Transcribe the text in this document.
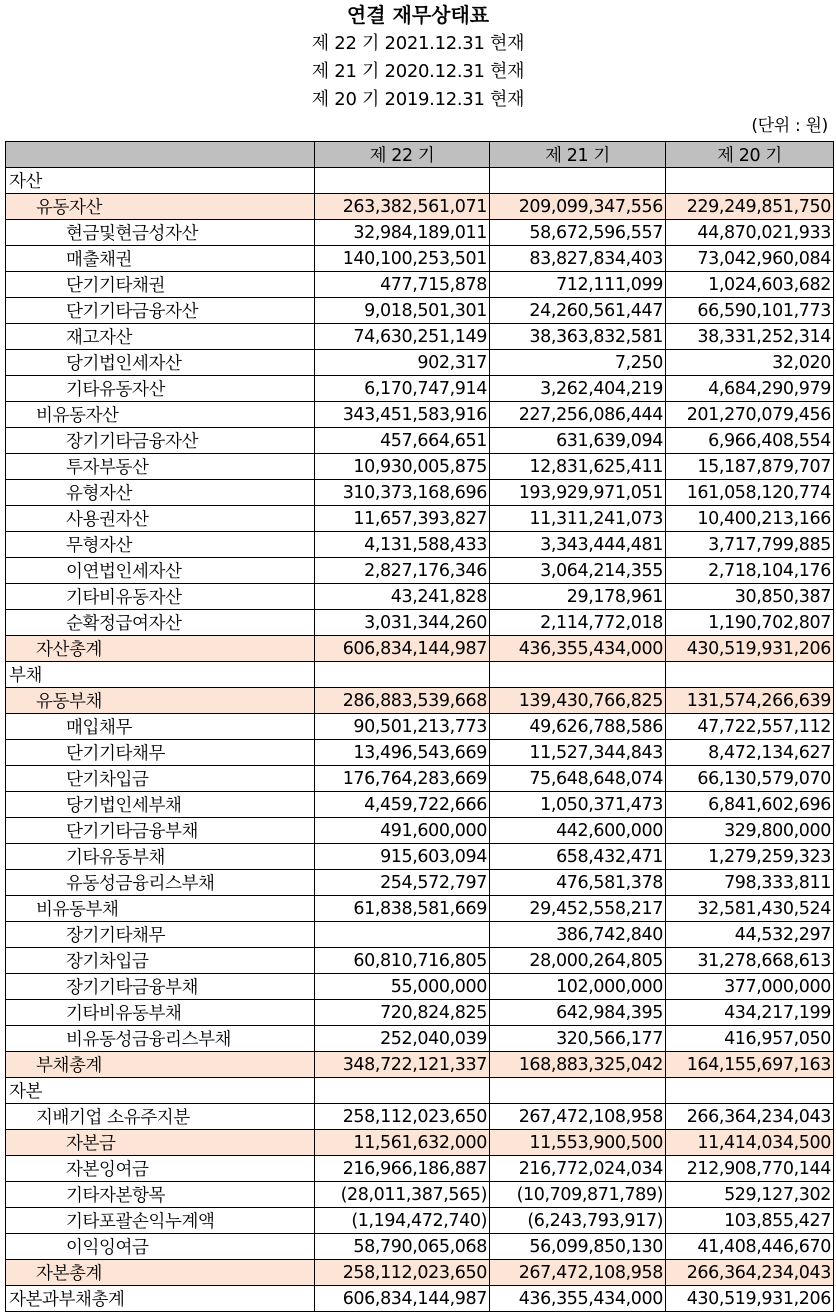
연결 재무상태표
제 22 기 2021.12.31 현재
제 21 기 2020.12.31 현재
제 20 기 2019.12.31 현재
(단위 : 원)
	제 22 기	제 21 기	제 20 기
자산			
유동자산	263,382,561,071	209,099,347,556	229,249,851,750
현금및현금성자산	32,984,189,011	58,672,596,557	44,870,021,933
매출채권	140,100,253,501	83,827,834,403	73,042,960,084
단기기타채권	477,715,878	712,111,099	1,024,603,682
단기기타금융자산	9,018,501,301	24,260,561,447	66,590,101,773
재고자산	74,630,251,149	38,363,832,581	38,331,252,314
당기법인세자산	902,317	7,250	32,020
기타유동자산	6,170,747,914	3,262,404,219	4,684,290,979
비유동자산	343,451,583,916	227,256,086,444	201,270,079,456
장기기타금융자산	457,664,651	631,639,094	6,966,408,554
투자부동산	10,930,005,875	12,831,625,411	15,187,879,707
유형자산	310,373,168,696	193,929,971,051	161,058,120,774
사용권자산	11,657,393,827	11,311,241,073	10,400,213,166
무형자산	4,131,588,433	3,343,444,481	3,717,799,885
이연법인세자산	2,827,176,346	3,064,214,355	2,718,104,176
기타비유동자산	43,241,828	29,178,961	30,850,387
순확정급여자산	3,031,344,260	2,114,772,018	1,190,702,807
자산총계	606,834,144,987	436,355,434,000	430,519,931,206
부채			
유동부채	286,883,539,668	139,430,766,825	131,574,266,639
매입채무	90,501,213,773	49,626,788,586	47,722,557,112
단기기타채무	13,496,543,669	11,527,344,843	8,472,134,627
단기차입금	176,764,283,669	75,648,648,074	66,130,579,070
당기법인세부채	4,459,722,666	1,050,371,473	6,841,602,696
단기기타금융부채	491,600,000	442,600,000	329,800,000
기타유동부채	915,603,094	658,432,471	1,279,259,323
유동성금융리스부채	254,572,797	476,581,378	798,333,811
비유동부채	61,838,581,669	29,452,558,217	32,581,430,524
장기기타채무		386,742,840	44,532,297
장기차입금	60,810,716,805	28,000,264,805	31,278,668,613
장기기타금융부채	55,000,000	102,000,000	377,000,000
기타비유동부채	720,824,825	642,984,395	434,217,199
비유동성금융리스부채	252,040,039	320,566,177	416,957,050
부채총계	348,722,121,337	168,883,325,042	164,155,697,163
자본			
지배기업 소유주지분	258,112,023,650	267,472,108,958	266,364,234,043
자본금	11,561,632,000	11,553,900,500	11,414,034,500
자본잉여금	216,966,186,887	216,772,024,034	212,908,770,144
기타자본항목	(28,011,387,565)	(10,709,871,789)	529,127,302
기타포괄손익누계액	(1,194,472,740)	(6,243,793,917)	103,855,427
이익잉여금	58,790,065,068	56,099,850,130	41,408,446,670
자본총계	258,112,023,650	267,472,108,958	266,364,234,043
자본과부채총계	606,834,144,987	436,355,434,000	430,519,931,206
